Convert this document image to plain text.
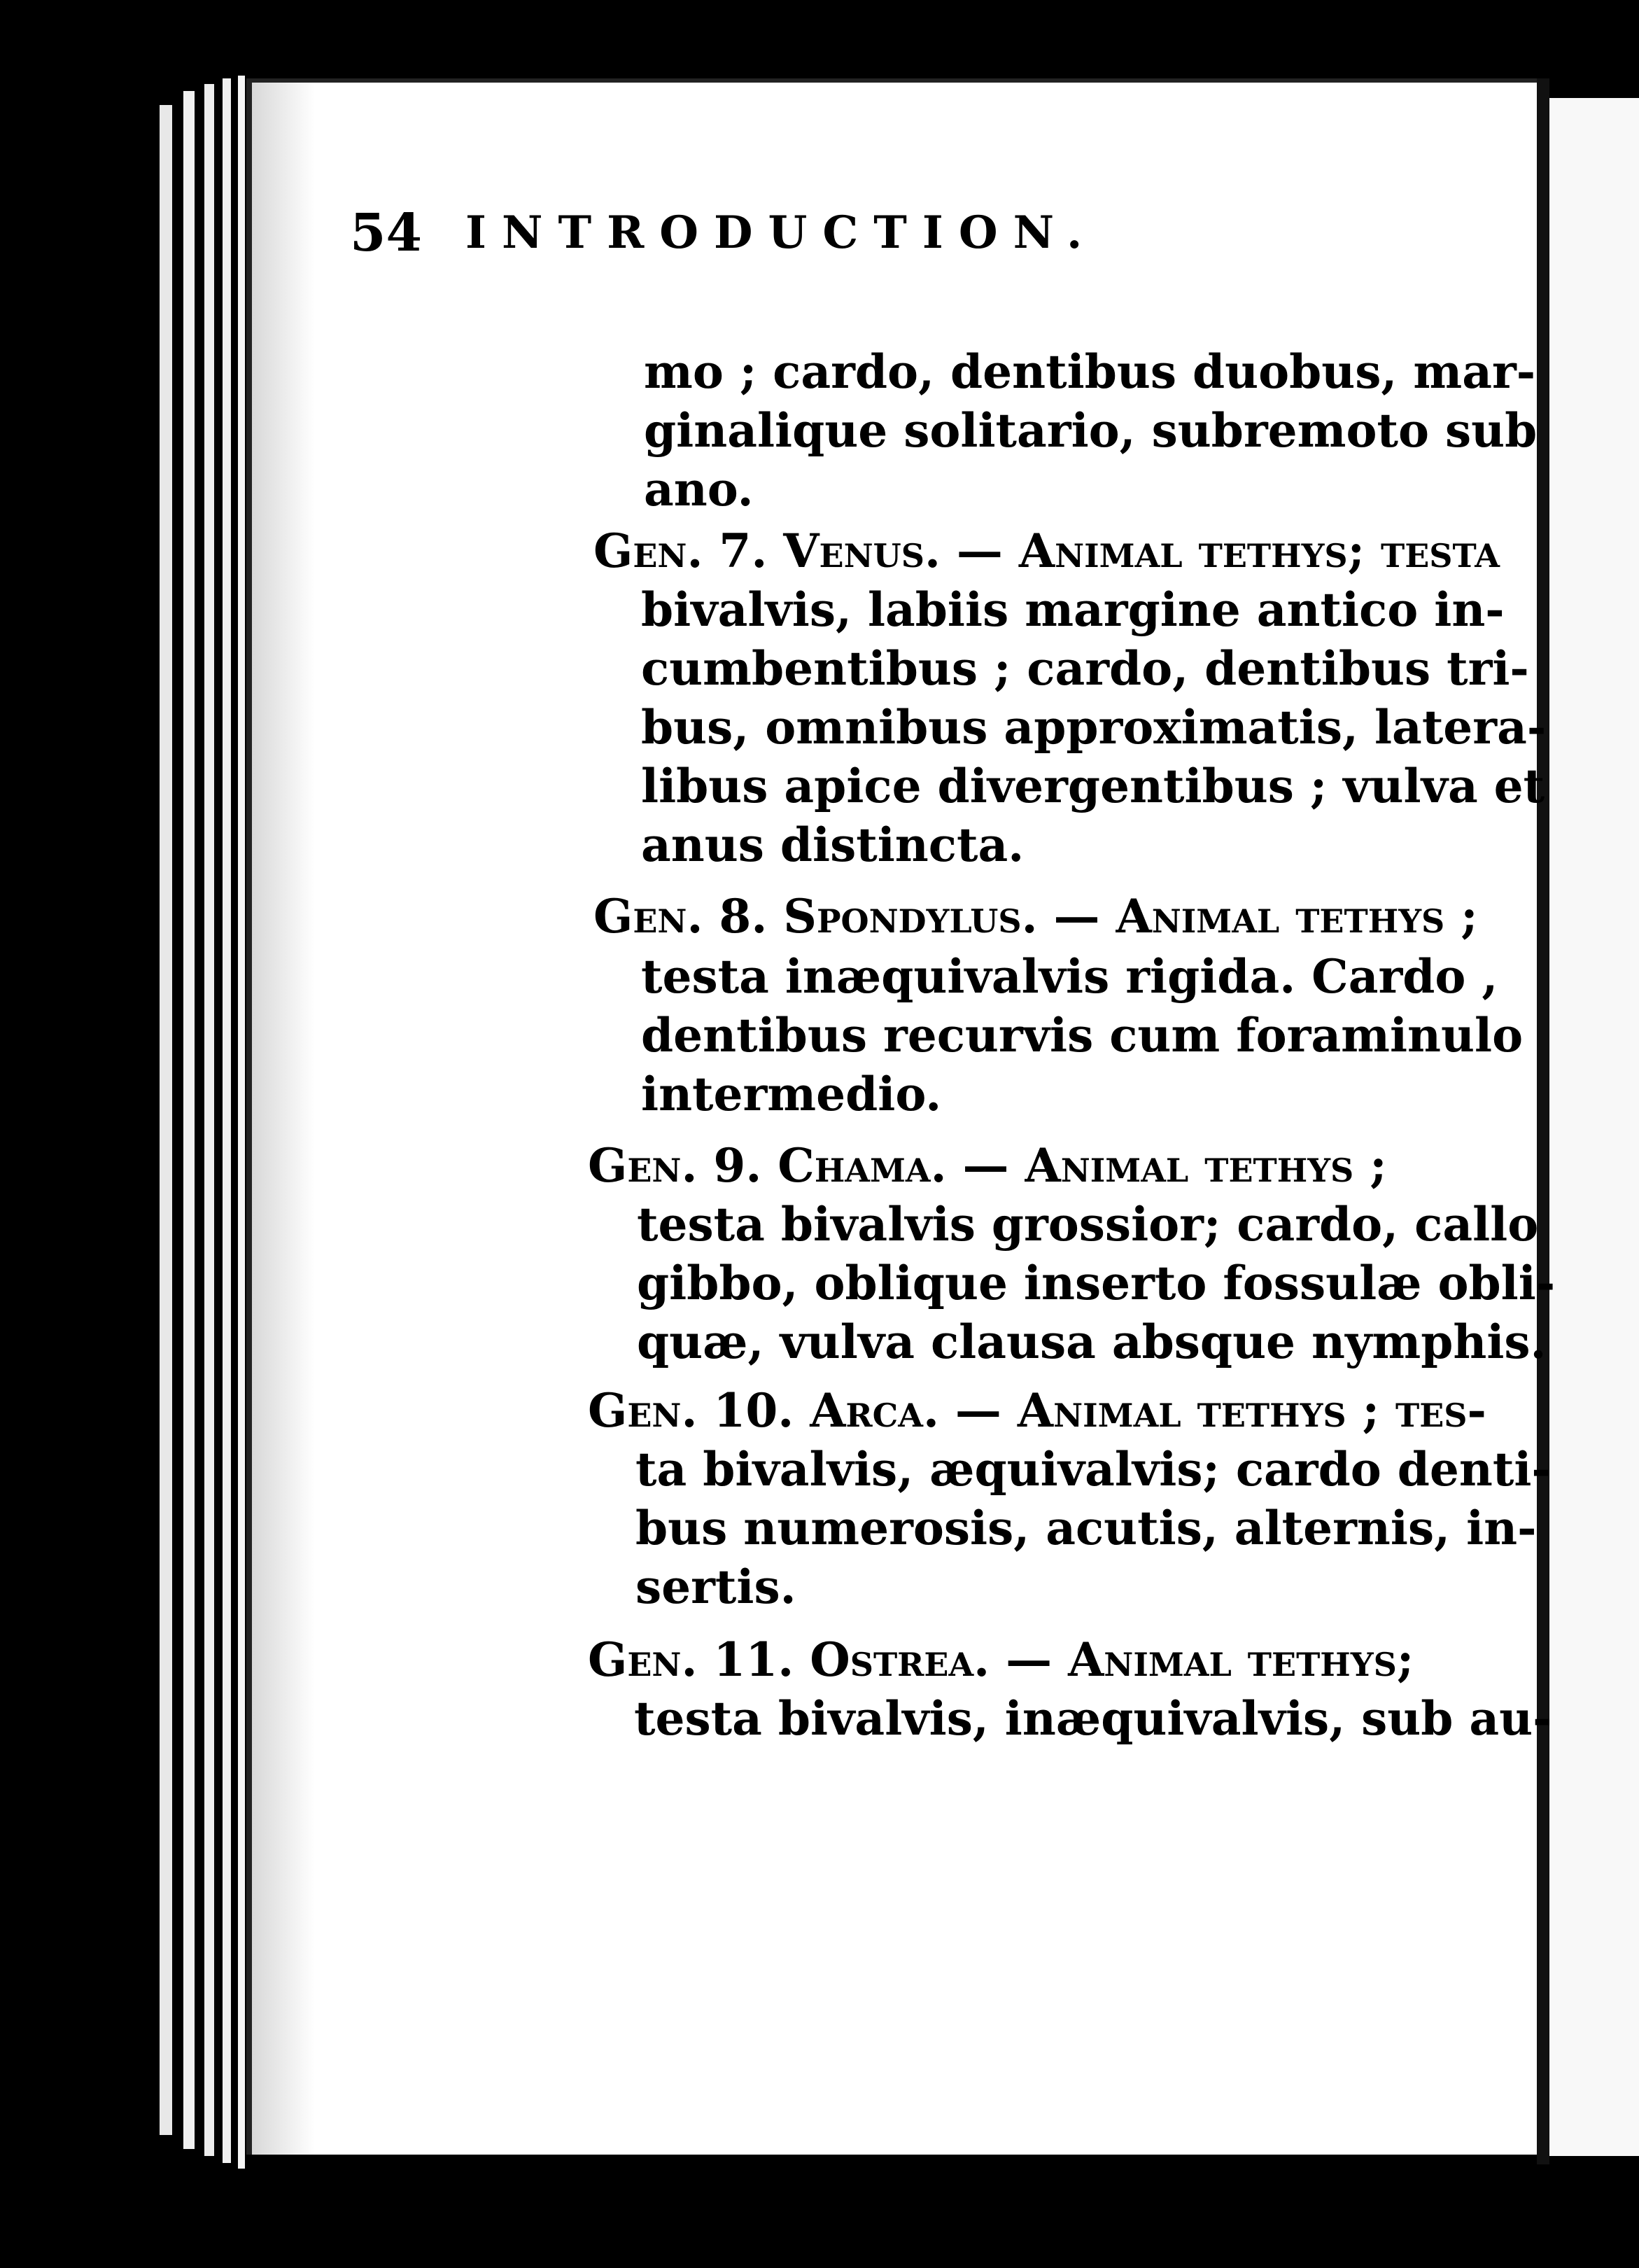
54 INTRODUCTION.
mo ; cardo, dentibus duobus, mar-
ginalique solitario, subremoto sub
ano.
Gen. 7. Venus. — Animal tethys; testa
bivalvis, labiis margine antico in-
cumbentibus ; cardo, dentibus tri-
bus, omnibus approximatis, latera-
libus apice divergentibus ; vulva et
anus distincta.
Gen. 8. Spondylus. — Animal tethys ;
testa inæquivalvis rigida. Cardo ,
dentibus recurvis cum foraminulo
intermedio.
Gen. 9. Chama. — Animal tethys ;
testa bivalvis grossior; cardo, callo
gibbo, oblique inserto fossulæ obli-
quæ, vulva clausa absque nymphis.
Gen. 10. Arca. — Animal tethys ; tes-
ta bivalvis, æquivalvis; cardo denti-
bus numerosis, acutis, alternis, in-
sertis.
Gen. 11. Ostrea. — Animal tethys;
testa bivalvis, inæquivalvis, sub au-
